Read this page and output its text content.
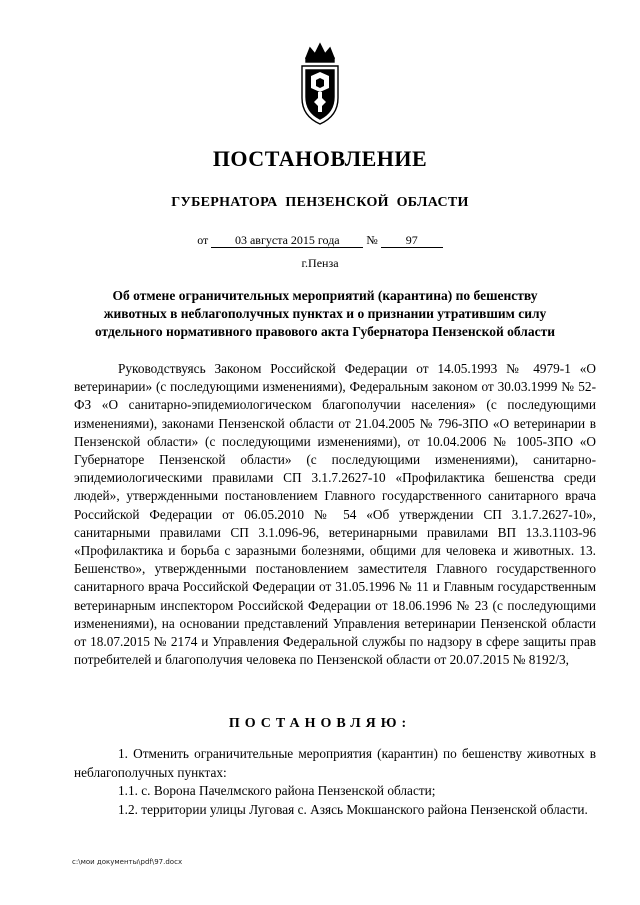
ПОСТАНОВЛЕНИЕ
ГУБЕРНАТОРА ПЕНЗЕНСКОЙ ОБЛАСТИ
от 03 августа 2015 года № 97
г.Пенза
Об отмене ограничительных мероприятий (карантина) по бешенству животных в неблагополучных пунктах и о признании утратившим силу отдельного нормативного правового акта Губернатора Пензенской области

Руководствуясь Законом Российской Федерации от 14.05.1993 № 4979-1 «О ветеринарии» (с последующими изменениями), Федеральным законом от 30.03.1999 № 52-ФЗ «О санитарно-эпидемиологическом благополучии населения» (с последующими изменениями), законами Пензенской области от 21.04.2005 № 796-ЗПО «О ветеринарии в Пензенской области» (с последующими изменениями), от 10.04.2006 № 1005-ЗПО «О Губернаторе Пензенской области» (с последующими изменениями), санитарно-эпидемиологическими правилами СП 3.1.7.2627-10 «Профилактика бешенства среди людей», утвержденными постановлением Главного государственного санитарного врача Российской Федерации от 06.05.2010 № 54 «Об утверждении СП 3.1.7.2627-10», санитарными правилами СП 3.1.096-96, ветеринарными правилами ВП 13.3.1103-96 «Профилактика и борьба с заразными болезнями, общими для человека и животных. 13. Бешенство», утвержденными постановлением заместителя Главного государственного санитарного врача Российской Федерации от 31.05.1996 № 11 и Главным государственным ветеринарным инспектором Российской Федерации от 18.06.1996 № 23 (с последующими изменениями), на основании представлений Управления ветеринарии Пензенской области от 18.07.2015 № 2174 и Управления Федеральной службы по надзору в сфере защиты прав потребителей и благополучия человека по Пензенской области от 20.07.2015 № 8192/3,

ПОСТАНОВЛЯЮ:

1. Отменить ограничительные мероприятия (карантин) по бешенству животных в неблагополучных пунктах:

1.1. с. Ворона Пачелмского района Пензенской области;

1.2. территории улицы Луговая с. Азясь Мокшанского района Пензенской области.

c:\мои документы\pdf\97.docx
